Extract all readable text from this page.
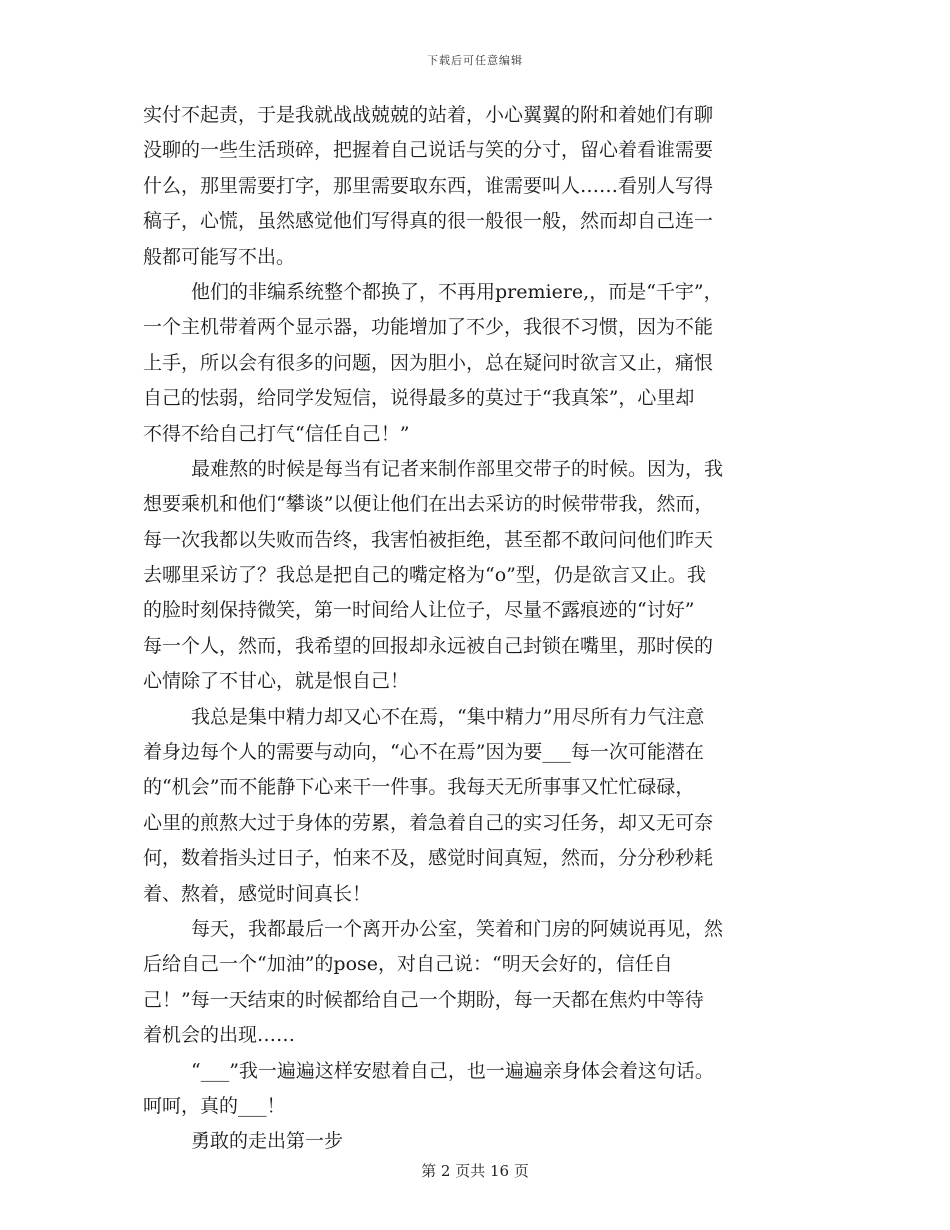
下载后可任意编辑
实付不起责，于是我就战战兢兢的站着，小心翼翼的附和着她们有聊
没聊的一些生活琐碎，把握着自己说话与笑的分寸，留心着看谁需要
什么，那里需要打字，那里需要取东西，谁需要叫人……看别人写得
稿子，心慌，虽然感觉他们写得真的很一般很一般，然而却自己连一
般都可能写不出。
他们的非编系统整个都换了，不再用premiere,，而是“千宇”，
一个主机带着两个显示器，功能增加了不少，我很不习惯，因为不能
上手，所以会有很多的问题，因为胆小，总在疑问时欲言又止，痛恨
自己的怯弱，给同学发短信，说得最多的莫过于“我真笨”，心里却
不得不给自己打气“信任自己！”
最难熬的时候是每当有记者来制作部里交带子的时候。因为，我
想要乘机和他们“攀谈”以便让他们在出去采访的时候带带我，然而，
每一次我都以失败而告终，我害怕被拒绝，甚至都不敢问问他们昨天
去哪里采访了？我总是把自己的嘴定格为“o”型，仍是欲言又止。我
的脸时刻保持微笑，第一时间给人让位子，尽量不露痕迹的“讨好”
每一个人，然而，我希望的回报却永远被自己封锁在嘴里，那时侯的
心情除了不甘心，就是恨自己！
我总是集中精力却又心不在焉，“集中精力”用尽所有力气注意
着身边每个人的需要与动向，“心不在焉”因为要___每一次可能潜在
的“机会”而不能静下心来干一件事。我每天无所事事又忙忙碌碌，
心里的煎熬大过于身体的劳累，着急着自己的实习任务，却又无可奈
何，数着指头过日子，怕来不及，感觉时间真短，然而，分分秒秒耗
着、熬着，感觉时间真长！
每天，我都最后一个离开办公室，笑着和门房的阿姨说再见，然
后给自己一个“加油”的pose，对自己说：“明天会好的，信任自
己！”每一天结束的时候都给自己一个期盼，每一天都在焦灼中等待
着机会的出现……
“___”我一遍遍这样安慰着自己，也一遍遍亲身体会着这句话。
呵呵，真的___！
勇敢的走出第一步
第 2 页共 16 页
